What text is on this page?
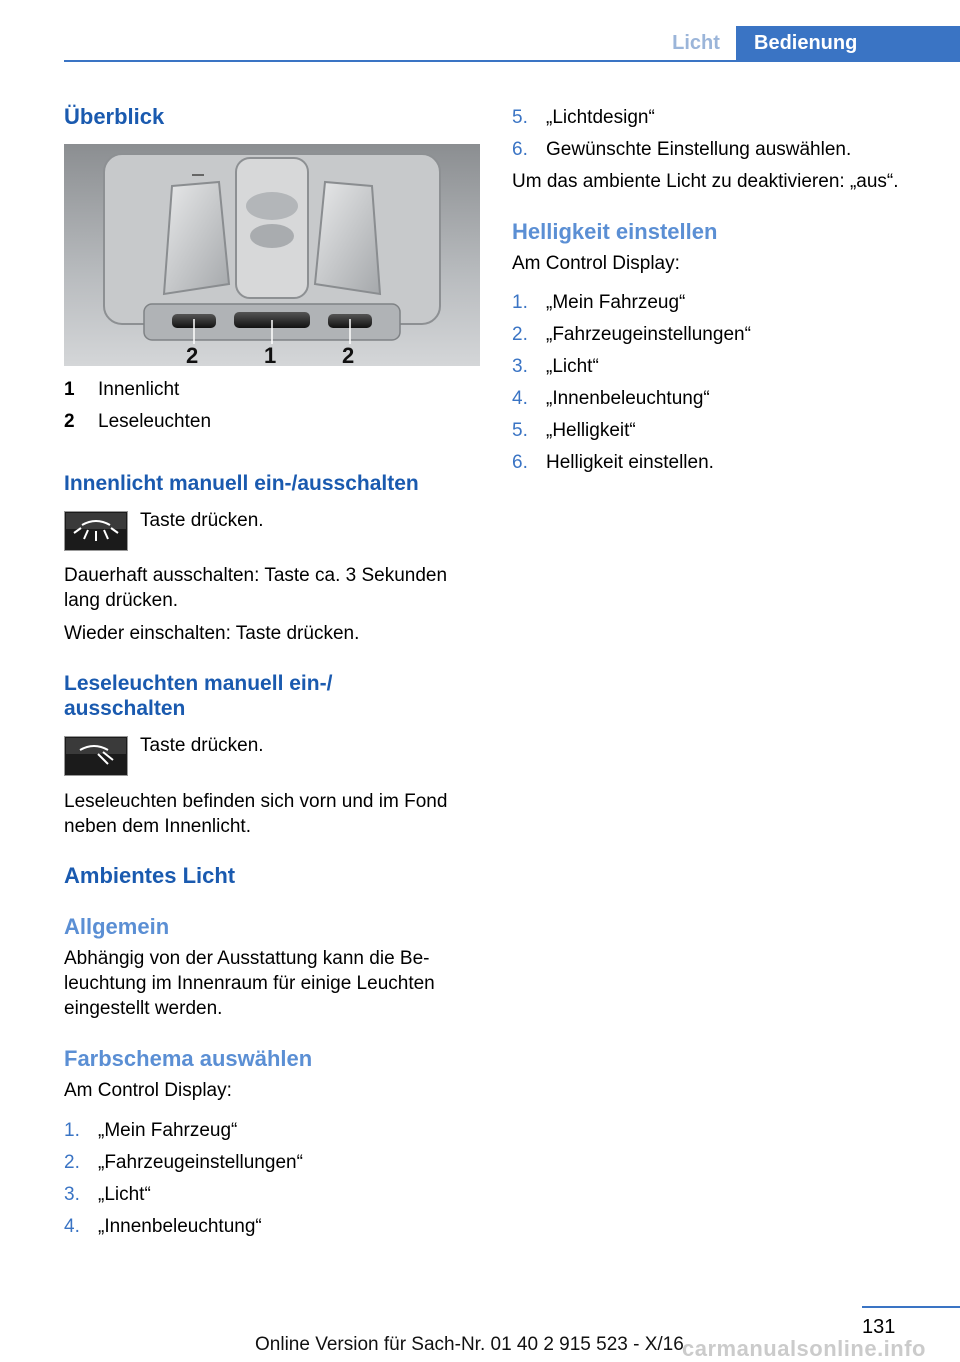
Licht	Bedienung
Überblick
2	1	2
1 Innenlicht
2 Leseleuchten
Innenlicht manuell ein-/ausschalten

Taste drücken.

Dauerhaft ausschalten: Taste ca. 3 Sekunden lang drücken.

Wieder einschalten: Taste drücken.

Leseleuchten manuell ein-/
ausschalten

Taste drücken.

Leseleuchten befinden sich vorn und im Fond neben dem Innenlicht.

Ambientes Licht
Allgemein

Abhängig von der Ausstattung kann die Be‐ leuchtung im Innenraum für einige Leuchten eingestellt werden.

Farbschema auswählen

Am Control Display:

1. „Mein Fahrzeug“
2. „Fahrzeugeinstellungen“
3. „Licht“
4. „Innenbeleuchtung“
5. „Lichtdesign“
6. Gewünschte Einstellung auswählen.

Um das ambiente Licht zu deaktivieren: „aus“.

Helligkeit einstellen

Am Control Display:

1. „Mein Fahrzeug“
2. „Fahrzeugeinstellungen“
3. „Licht“
4. „Innenbeleuchtung“
5. „Helligkeit“
6. Helligkeit einstellen.
131
Online Version für Sach-Nr. 01 40 2 915 523 - X/16
carmanualsonline.info
